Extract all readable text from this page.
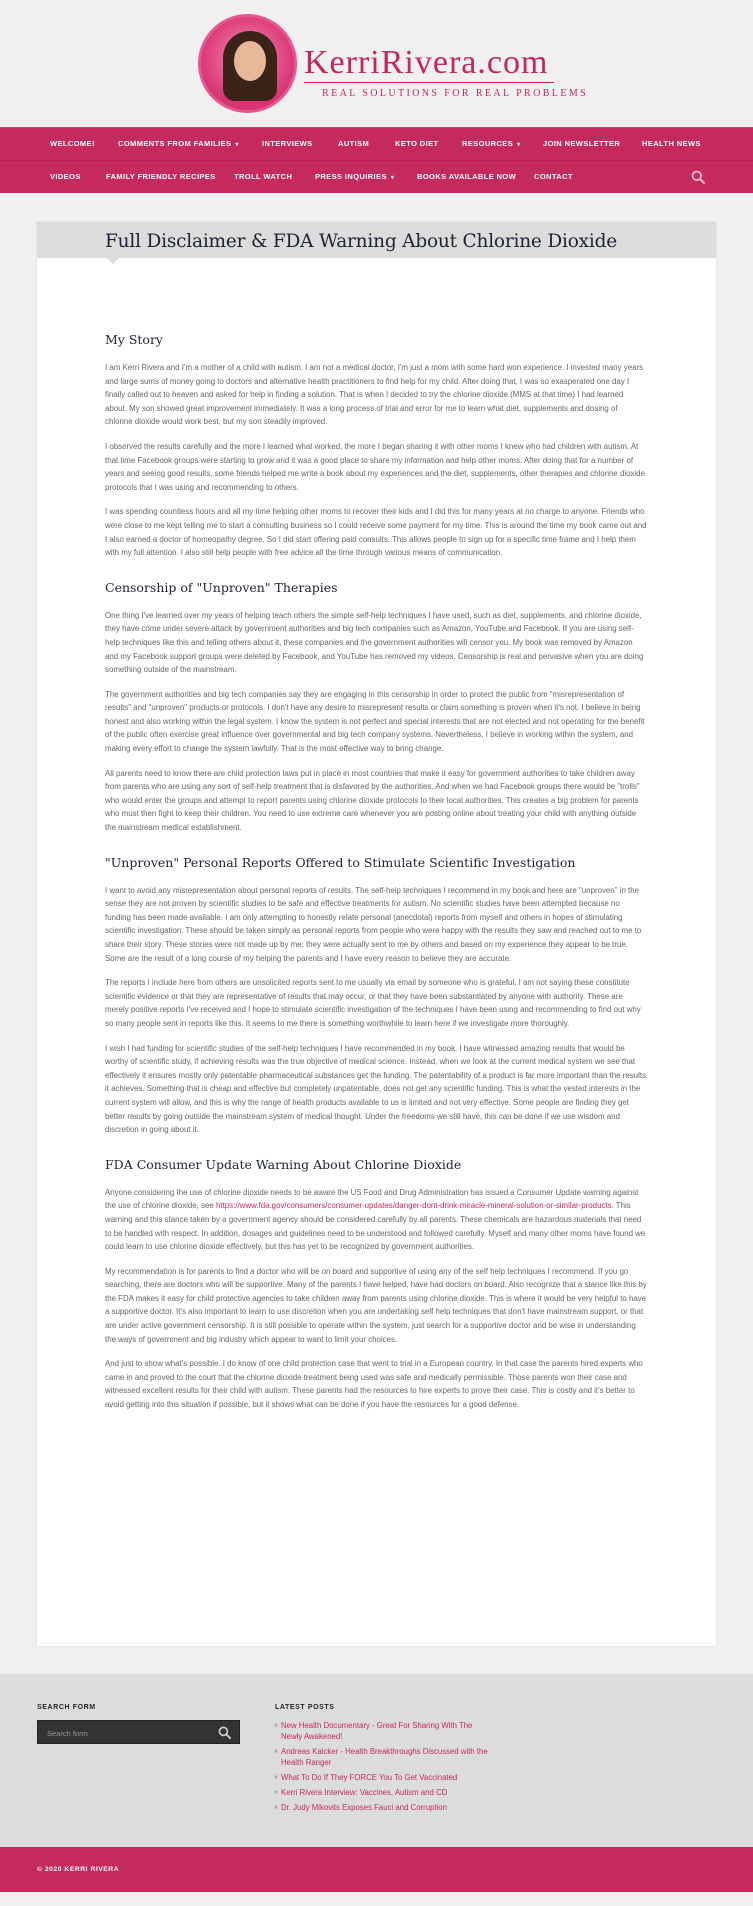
KerriRivera.com
REAL SOLUTIONS FOR REAL PROBLEMS
WELCOME!	COMMENTS FROM FAMILIES ▾	INTERVIEWS	AUTISM	KETO DIET	RESOURCES ▾	JOIN NEWSLETTER	HEALTH NEWS
VIDEOS	FAMILY FRIENDLY RECIPES TROLL WATCH	PRESS INQUIRIES ▾	BOOKS AVAILABLE NOW CONTACT
Full Disclaimer & FDA Warning About Chlorine Dioxide
My Story

I am Kerri Rivera and I'm a mother of a child with autism. I am not a medical doctor, I'm just a mom with some hard won experience. I invested many years and large sums of money going to doctors and alternative health practitioners to find help for my child. After doing that, I was so exasperated one day I finally called out to heaven and asked for help in finding a solution. That is when I decided to try the chlorine dioxide (MMS at that time) I had learned about. My son showed great improvement immediately. It was a long process of trial and error for me to learn what diet, supplements and dosing of chlorine dioxide would work best, but my son steadily improved.

I observed the results carefully and the more I learned what worked, the more I began sharing it with other moms I knew who had children with autism. At that time Facebook groups were starting to grow and it was a good place to share my information and help other moms. After doing that for a number of years and seeing good results, some friends helped me write a book about my experiences and the diet, supplements, other therapies and chlorine dioxide protocols that I was using and recommending to others.

I was spending countless hours and all my time helping other moms to recover their kids and I did this for many years at no charge to anyone. Friends who were close to me kept telling me to start a consulting business so I could receive some payment for my time. This is around the time my book came out and I also earned a doctor of homeopathy degree. So I did start offering paid consults. This allows people to sign up for a specific time frame and I help them with my full attention. I also still help people with free advice all the time through various means of communication.

Censorship of "Unproven" Therapies

One thing I've learned over my years of helping teach others the simple self-help techniques I have used, such as diet, supplements, and chlorine dioxide, they have come under severe attack by government authorities and big tech companies such as Amazon, YouTube and Facebook. If you are using self-help techniques like this and telling others about it, these companies and the government authorities will censor you. My book was removed by Amazon and my Facebook support groups were deleted by Facebook, and YouTube has removed my videos. Censorship is real and pervasive when you are doing something outside of the mainstream.

The government authorities and big tech companies say they are engaging in this censorship in order to protect the public from "misrepresentation of results" and "unproven" products or protocols. I don't have any desire to misrepresent results or claim something is proven when it's not. I believe in being honest and also working within the legal system. I know the system is not perfect and special interests that are not elected and not operating for the benefit of the public often exercise great influence over governmental and big tech company systems. Nevertheless, I believe in working within the system, and making every effort to change the system lawfully. That is the most effective way to bring change.

All parents need to know there are child protection laws put in place in most countries that make it easy for government authorities to take children away from parents who are using any sort of self-help treatment that is disfavored by the authorities. And when we had Facebook groups there would be "trolls" who would enter the groups and attempt to report parents using chlorine dioxide protocols to their local authorities. This creates a big problem for parents who must then fight to keep their children. You need to use extreme care whenever you are posting online about treating your child with anything outside the mainstream medical establishment.

"Unproven" Personal Reports Offered to Stimulate Scientific Investigation

I want to avoid any misrepresentation about personal reports of results. The self-help techniques I recommend in my book and here are "unproven" in the sense they are not proven by scientific studies to be safe and effective treatments for autism. No scientific studies have been attempted because no funding has been made available. I am only attempting to honestly relate personal (anecdotal) reports from myself and others in hopes of stimulating scientific investigation. These should be taken simply as personal reports from people who were happy with the results they saw and reached out to me to share their story. These stories were not made up by me; they were actually sent to me by others and based on my experience they appear to be true. Some are the result of a long course of my helping the parents and I have every reason to believe they are accurate.

The reports I include here from others are unsolicited reports sent to me usually via email by someone who is grateful. I am not saying these constitute scientific evidence or that they are representative of results that may occur, or that they have been substantiated by anyone with authority. These are merely positive reports I've received and I hope to stimulate scientific investigation of the techniques I have been using and recommending to find out why so many people sent in reports like this. It seems to me there is something worthwhile to learn here if we investigate more thoroughly.

I wish I had funding for scientific studies of the self-help techniques I have recommended in my book. I have witnessed amazing results that would be worthy of scientific study, if achieving results was the true objective of medical science. Instead, when we look at the current medical system we see that effectively it ensures mostly only patentable pharmaceutical substances get the funding. The patentability of a product is far more important than the results it achieves. Something that is cheap and effective but completely unpatentable, does not get any scientific funding. This is what the vested interests in the current system will allow, and this is why the range of health products available to us is limited and not very effective. Some people are finding they get better results by going outside the mainstream system of medical thought. Under the freedoms we still have, this can be done if we use wisdom and discretion in going about it.

FDA Consumer Update Warning About Chlorine Dioxide

Anyone considering the use of chlorine dioxide needs to be aware the US Food and Drug Administration has issued a Consumer Update warning against the use of chlorine dioxide, see https://www.fda.gov/consumers/consumer-updates/danger-dont-drink-miracle-mineral-solution-or-similar-products. This warning and this stance taken by a government agency should be considered carefully by all parents. These chemicals are hazardous materials that need to be handled with respect. In addition, dosages and guidelines need to be understood and followed carefully. Myself and many other moms have found we could learn to use chlorine dioxide effectively, but this has yet to be recognized by government authorities.

My recommendation is for parents to find a doctor who will be on board and supportive of using any of the self help techniques I recommend. If you go searching, there are doctors who will be supportive. Many of the parents I have helped, have had doctors on board. Also recognize that a stance like this by the FDA makes it easy for child protective agencies to take children away from parents using chlorine dioxide. This is where it would be very helpful to have a supportive doctor. It's also important to learn to use discretion when you are undertaking self help techniques that don't have mainstream support, or that are under active government censorship. It is still possible to operate within the system, just search for a supportive doctor and be wise in understanding the ways of government and big industry which appear to want to limit your choices.

And just to show what's possible. I do know of one child protection case that went to trial in a European country. In that case the parents hired experts who came in and proved to the court that the chlorine dioxide treatment being used was safe and medically permissible. Those parents won their case and witnessed excellent results for their child with autism. These parents had the resources to hire experts to prove their case. This is costly and it's better to avoid getting into this situation if possible, but it shows what can be done if you have the resources for a good defense.

SEARCH FORM
Search form	LATEST POSTS
» New Health Documentary - Great For Sharing With The Newly Awakened!
» Andreas Kalcker - Health Breakthroughs Discussed with the Health Ranger
» What To Do If They FORCE You To Get Vaccinated
» Kerri Rivera Interview: Vaccines, Autism and CD
» Dr. Judy Mikovits Exposes Fauci and Corruption
© 2020 KERRI RIVERA
